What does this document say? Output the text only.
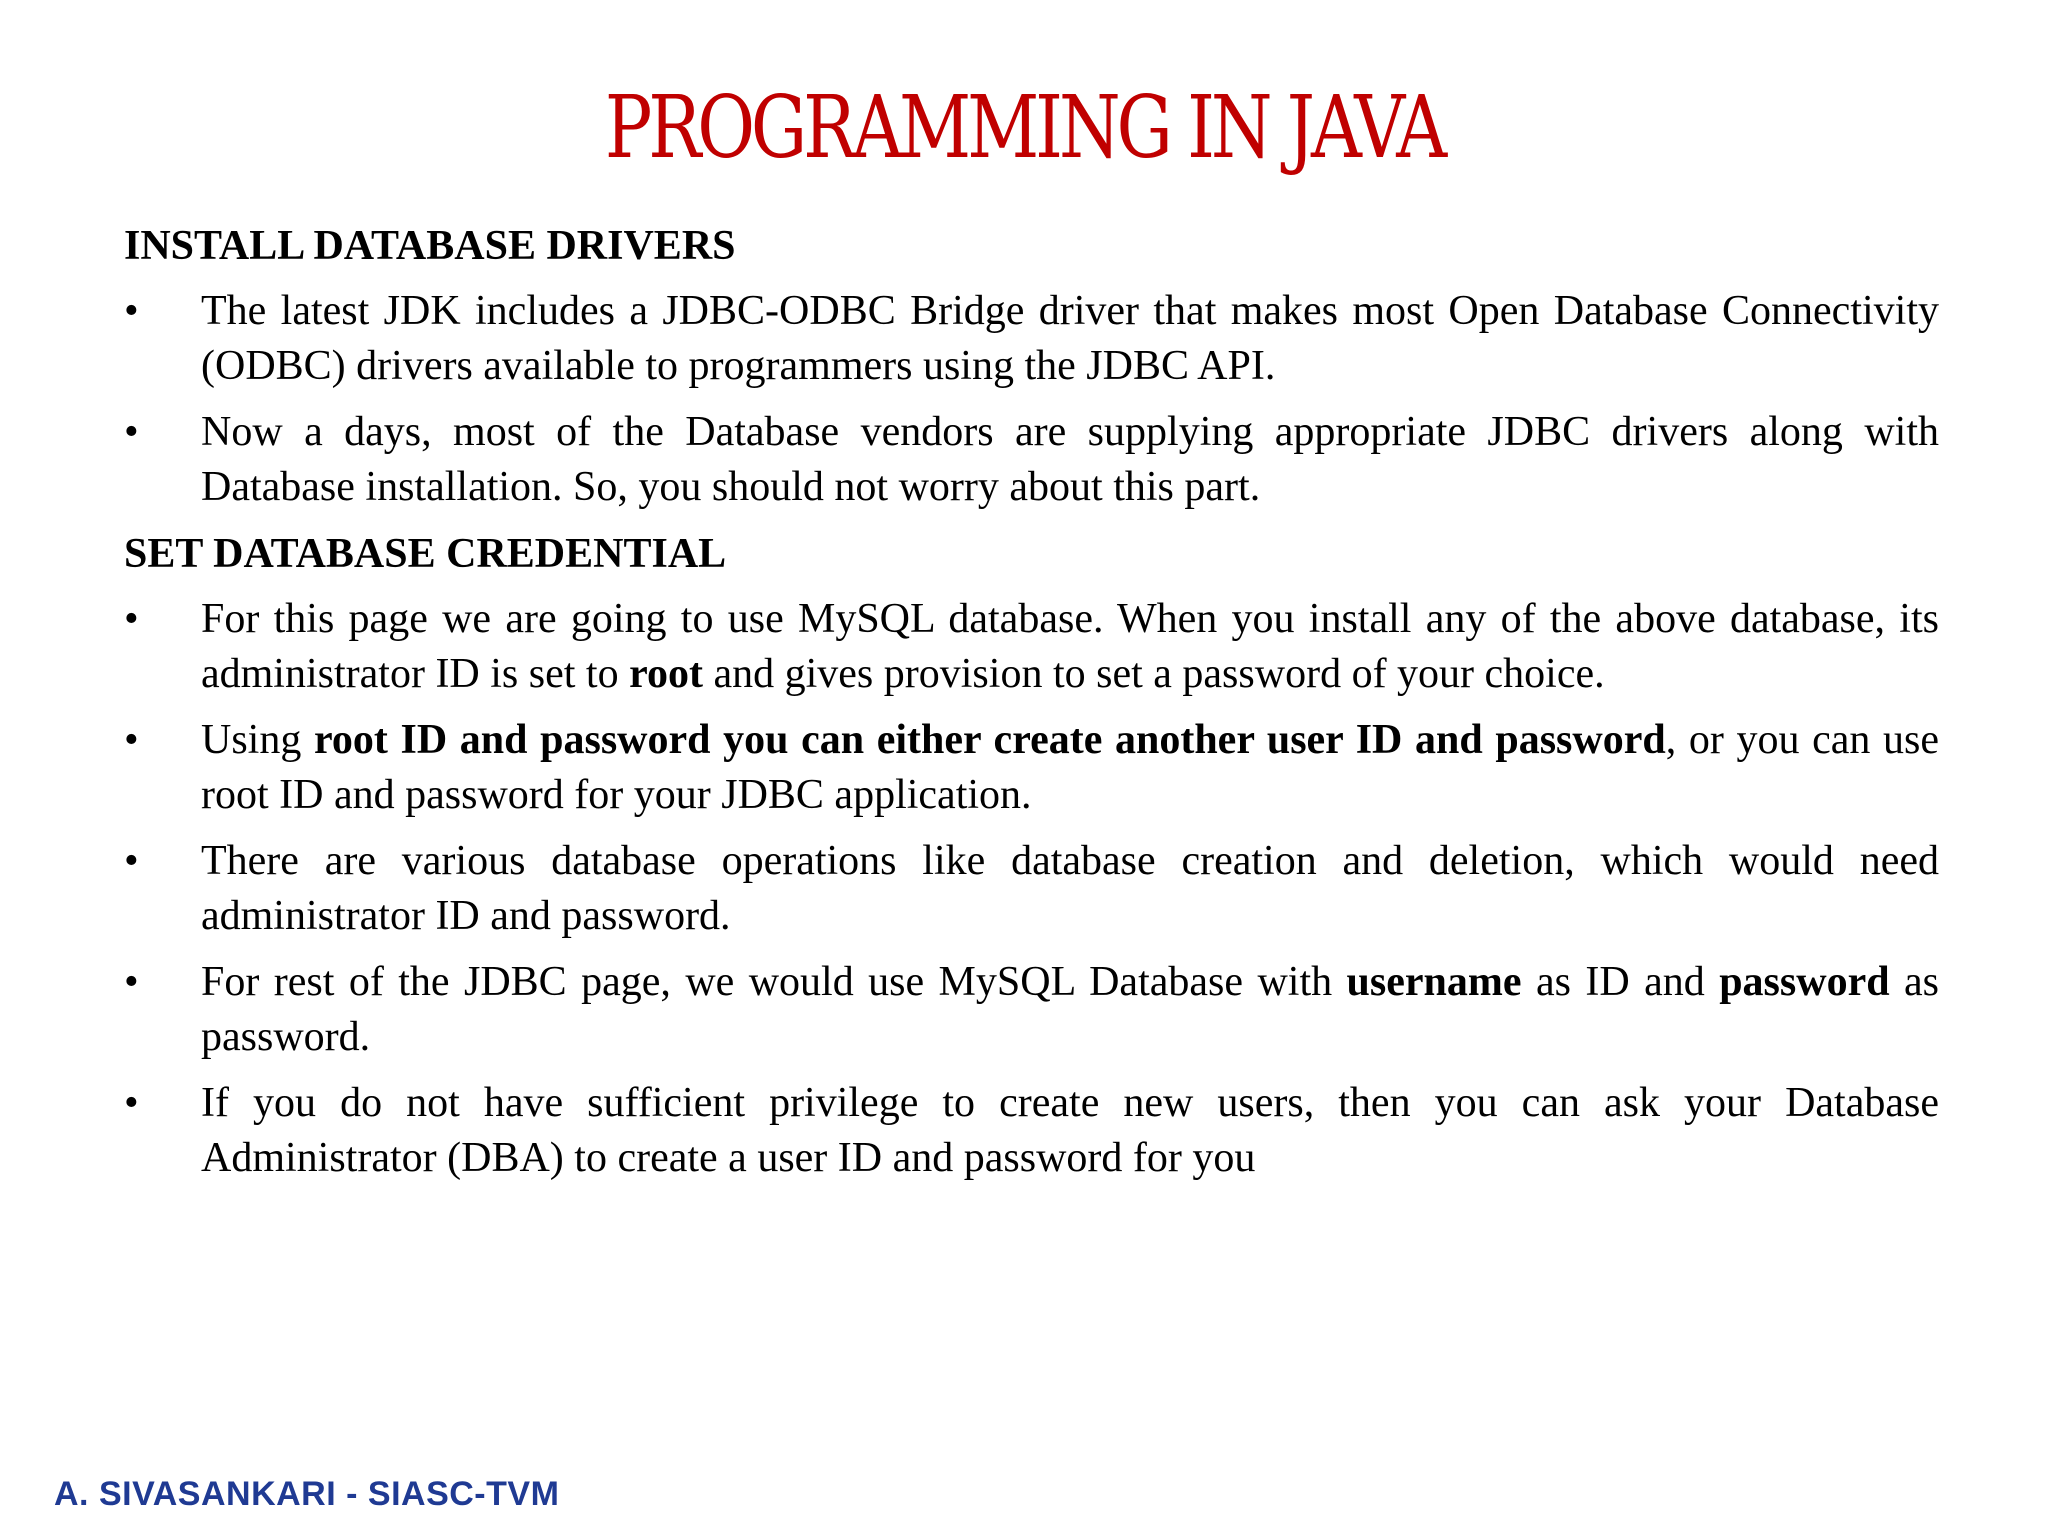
PROGRAMMING IN JAVA
INSTALL DATABASE DRIVERS
•	The latest JDK includes a JDBC-ODBC Bridge driver that makes most Open Database Connectivity (ODBC) drivers available to programmers using the JDBC API.
•	Now a days, most of the Database vendors are supplying appropriate JDBC drivers along with Database installation. So, you should not worry about this part.
SET DATABASE CREDENTIAL
•	For this page we are going to use MySQL database. When you install any of the above database, its administrator ID is set to root and gives provision to set a password of your choice.
•	Using root ID and password you can either create another user ID and password, or you can use root ID and password for your JDBC application.
•	There are various database operations like database creation and deletion, which would need administrator ID and password.
•	For rest of the JDBC page, we would use MySQL Database with username as ID and password as password.
•	If you do not have sufficient privilege to create new users, then you can ask your Database Administrator (DBA) to create a user ID and password for you
A. SIVASANKARI - SIASC-TVM
